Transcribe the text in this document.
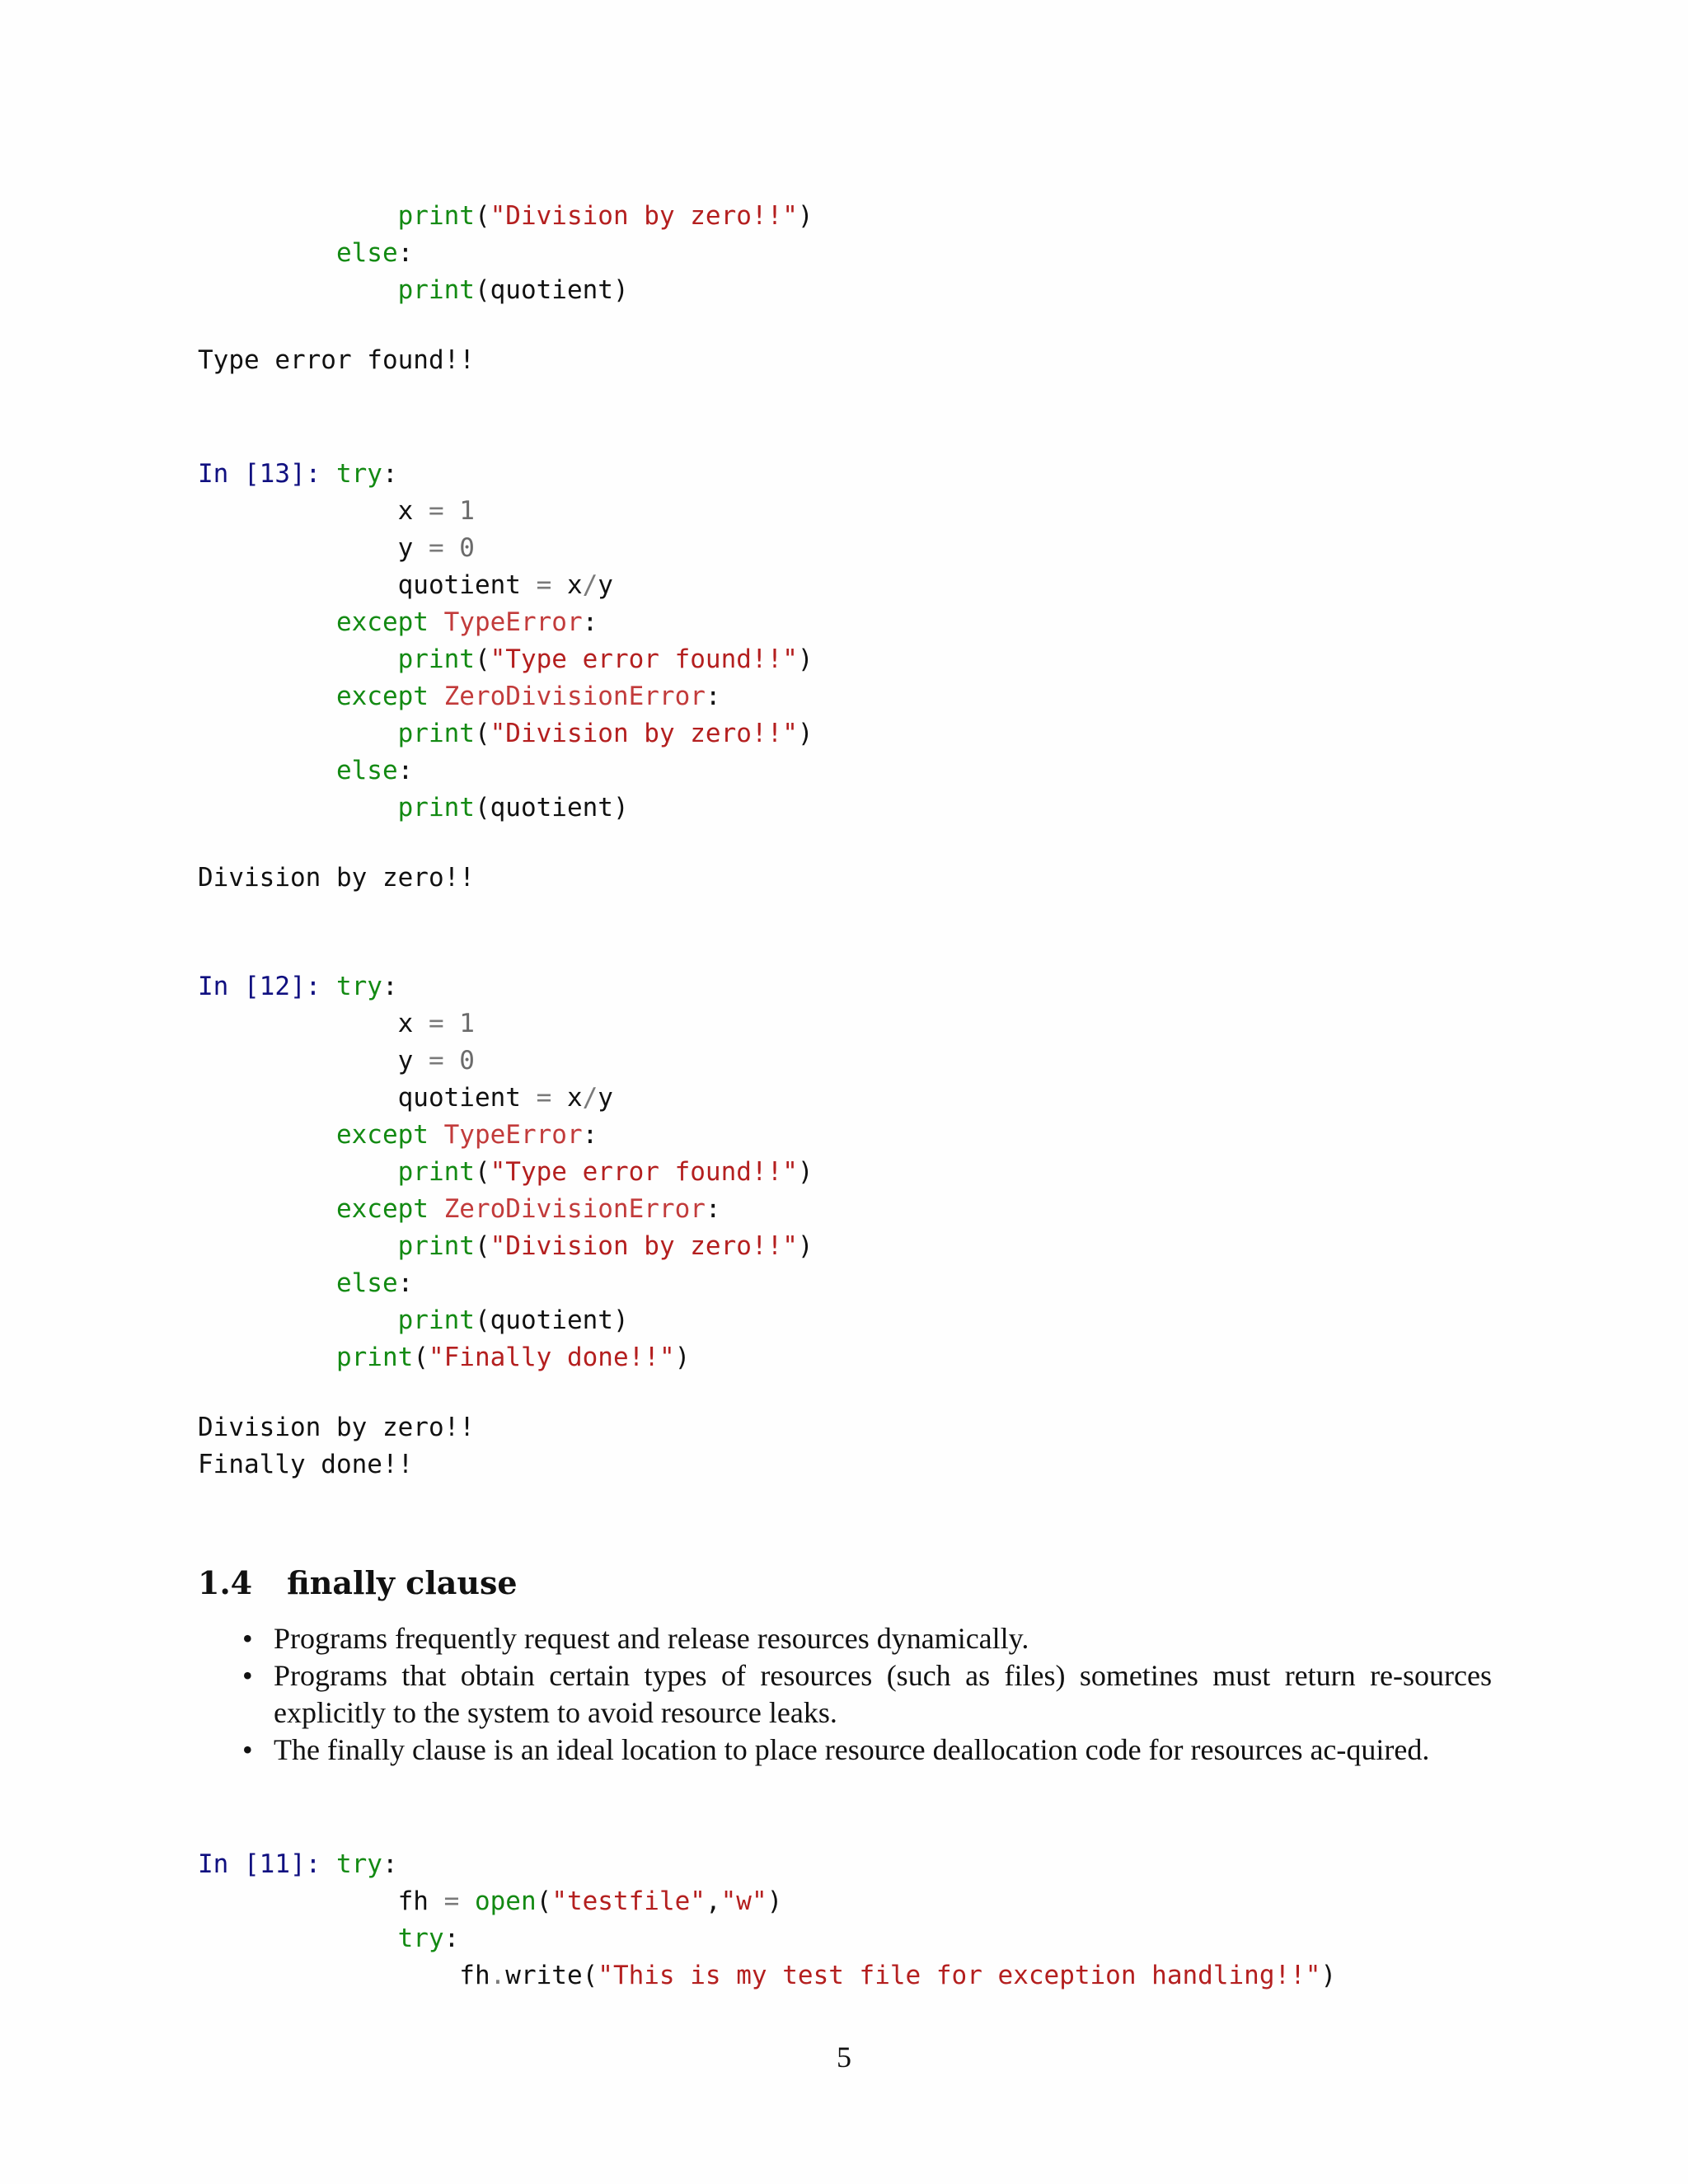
print("Division by zero!!")
else:
print(quotient)
Type error found!!
In [13]: try:
x = 1
y = 0
quotient = x/y
except TypeError:
print("Type error found!!")
except ZeroDivisionError:
print("Division by zero!!")
else:
print(quotient)
Division by zero!!
In [12]: try:
x = 1
y = 0
quotient = x/y
except TypeError:
print("Type error found!!")
except ZeroDivisionError:
print("Division by zero!!")
else:
print(quotient)
print("Finally done!!")
Division by zero!!
Finally done!!
In [11]: try:
fh = open("testfile","w")
try:
fh.write("This is my test file for exception handling!!")
1.4 finally clause
• Programs frequently request and release resources dynamically.
• Programs that obtain certain types of resources (such as files) sometines must return re-sources explicitly to the system to avoid resource leaks.
• The finally clause is an ideal location to place resource deallocation code for resources ac-quired.
5
